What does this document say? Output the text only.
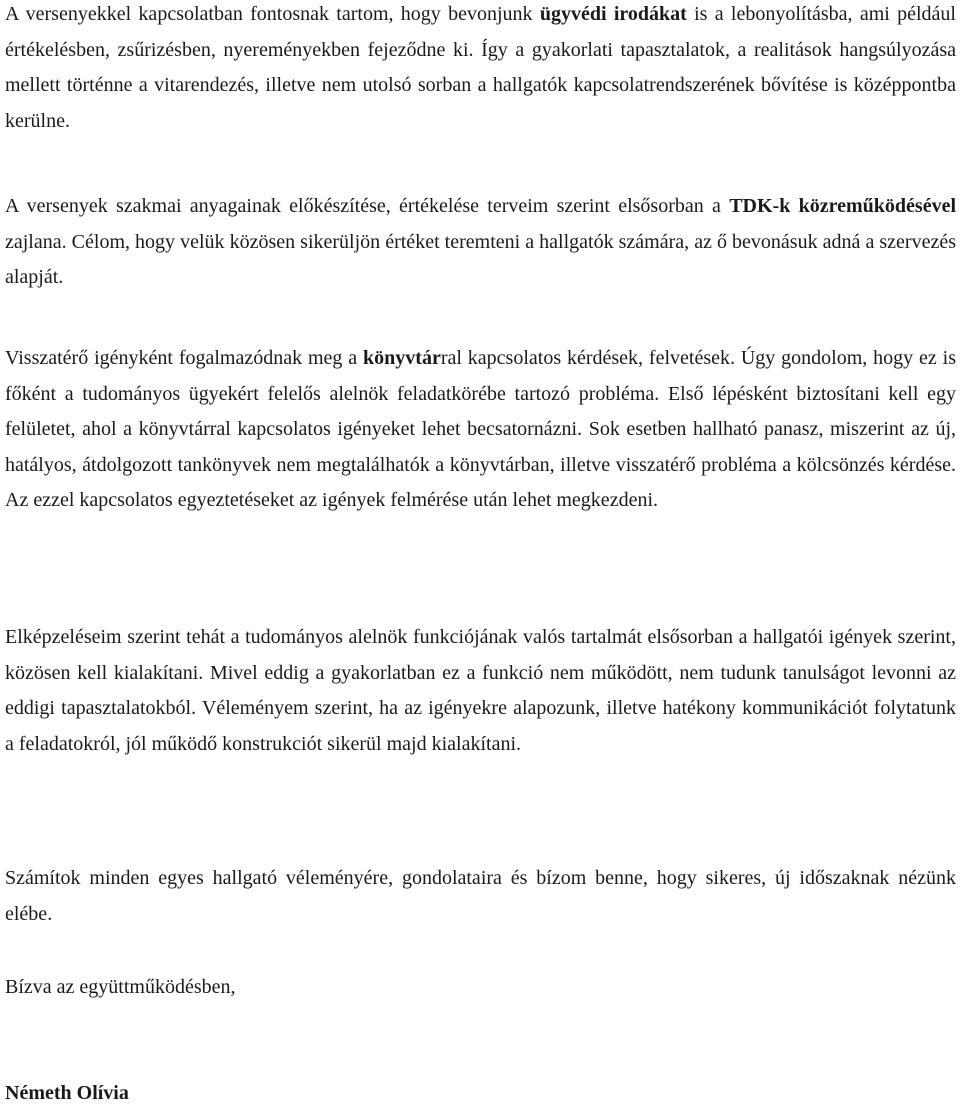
A versenyekkel kapcsolatban fontosnak tartom, hogy bevonjunk ügyvédi irodákat is a lebonyolításba, ami például értékelésben, zsűrizésben, nyereményekben fejeződne ki. Így a gyakorlati tapasztalatok, a realitások hangsúlyozása mellett történne a vitarendezés, illetve nem utolsó sorban a hallgatók kapcsolatrendszerének bővítése is középpontba kerülne.

A versenyek szakmai anyagainak előkészítése, értékelése terveim szerint elsősorban a TDK-k közreműködésével zajlana. Célom, hogy velük közösen sikerüljön értéket teremteni a hallgatók számára, az ő bevonásuk adná a szervezés alapját.

Visszatérő igényként fogalmazódnak meg a könyvtárral kapcsolatos kérdések, felvetések. Úgy gondolom, hogy ez is főként a tudományos ügyekért felelős alelnök feladatkörébe tartozó probléma. Első lépésként biztosítani kell egy felületet, ahol a könyvtárral kapcsolatos igényeket lehet becsatornázni. Sok esetben hallható panasz, miszerint az új, hatályos, átdolgozott tankönyvek nem megtalálhatók a könyvtárban, illetve visszatérő probléma a kölcsönzés kérdése. Az ezzel kapcsolatos egyeztetéseket az igények felmérése után lehet megkezdeni.

Elképzeléseim szerint tehát a tudományos alelnök funkciójának valós tartalmát elsősorban a hallgatói igények szerint, közösen kell kialakítani. Mivel eddig a gyakorlatban ez a funkció nem működött, nem tudunk tanulságot levonni az eddigi tapasztalatokból. Véleményem szerint, ha az igényekre alapozunk, illetve hatékony kommunikációt folytatunk a feladatokról, jól működő konstrukciót sikerül majd kialakítani.

Számítok minden egyes hallgató véleményére, gondolataira és bízom benne, hogy sikeres, új időszaknak nézünk elébe.

Bízva az együttműködésben,

Németh Olívia
